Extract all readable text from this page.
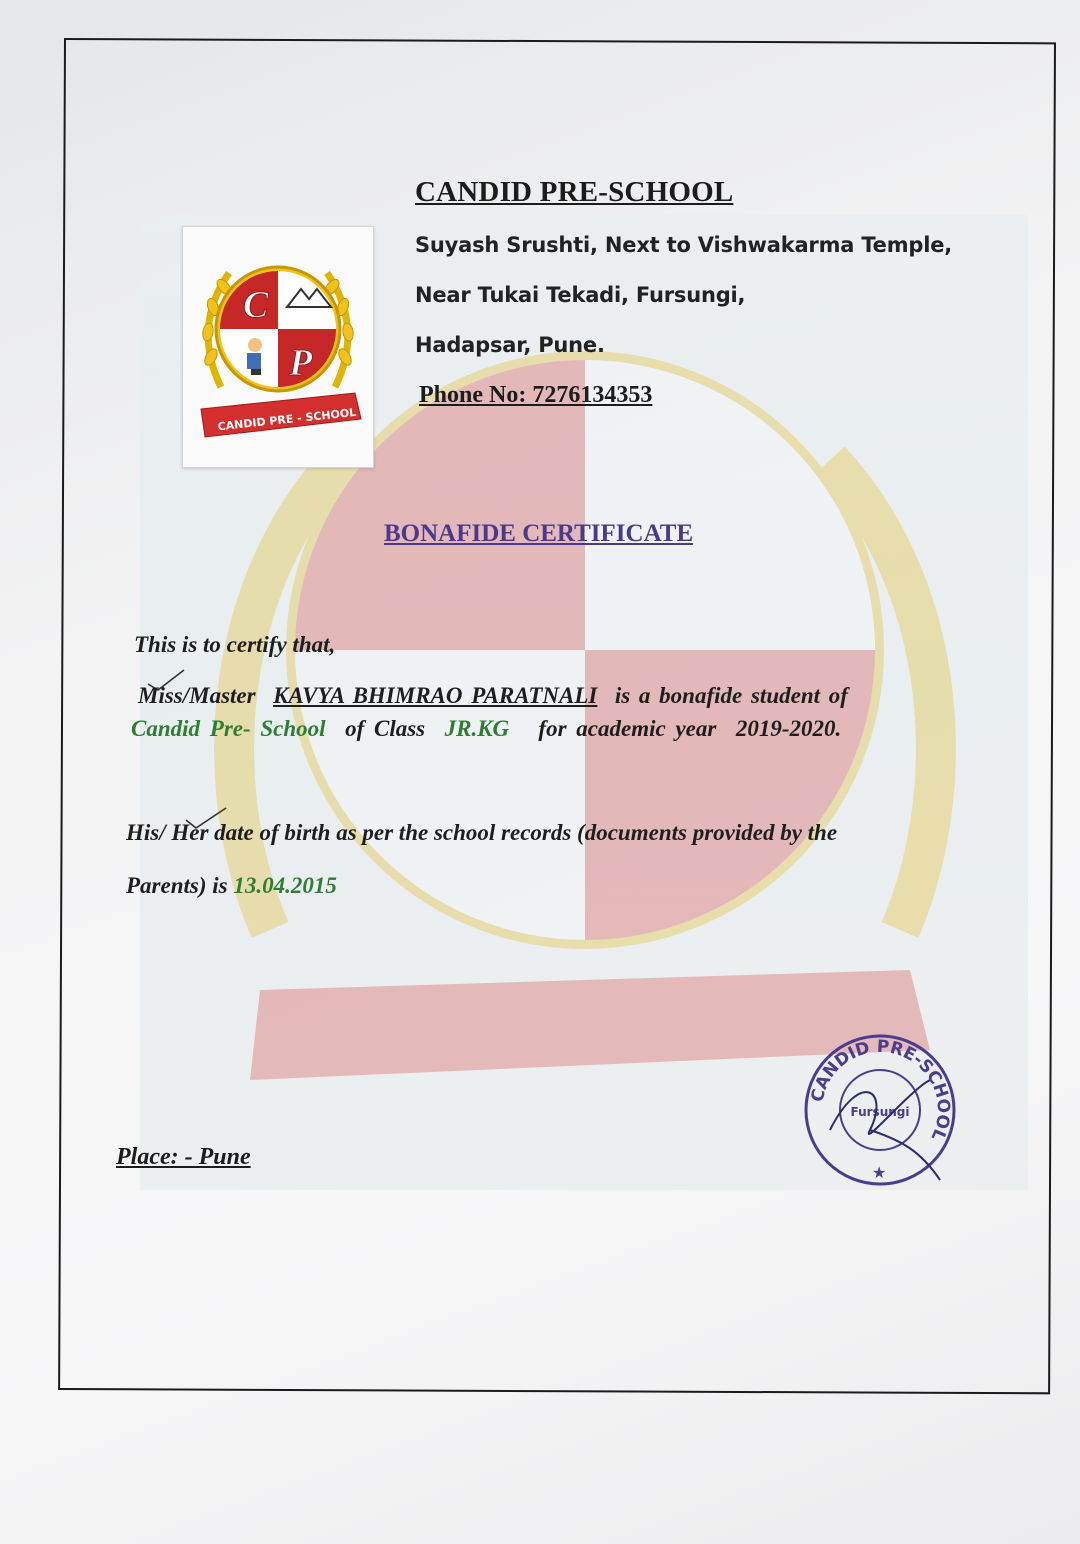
C
P
CANDID PRE - SCHOOL
CANDID PRE-SCHOOL
Suyash Srushti, Next to Vishwakarma Temple,
Near Tukai Tekadi, Fursungi,
Hadapsar, Pune.
Phone No: 7276134353
BONAFIDE CERTIFICATE
This is to certify that,
Miss/Master KAVYA BHIMRAO PARATNALI is a bonafide student of
Candid Pre- School of Class JR.KG for academic year 2019-2020.
His/ Her date of birth as per the school records (documents provided by the
Parents) is 13.04.2015
Place: - Pune
CANDID PRE-SCHOOL
Fursungi
★
